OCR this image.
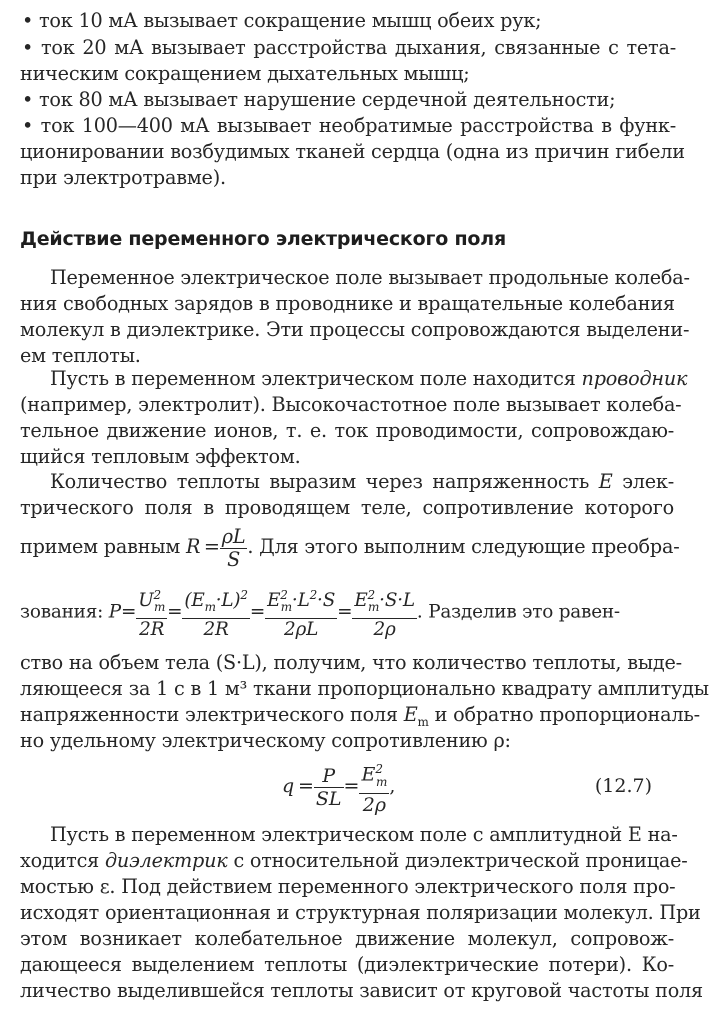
• ток 10 мА вызывает сокращение мышц обеих рук;
• ток 20 мА вызывает расстройства дыхания, связанные с тета-
ническим сокращением дыхательных мышц;
• ток 80 мА вызывает нарушение сердечной деятельности;
• ток 100—400 мА вызывает необратимые расстройства в функ-
ционировании возбудимых тканей сердца (одна из причин гибели
при электротравме).
Действие переменного электрического поля
Переменное электрическое поле вызывает продольные колеба-
ния свободных зарядов в проводнике и вращательные колебания
молекул в диэлектрике. Эти процессы сопровождаются выделени-
ем теплоты.
Пусть в переменном электрическом поле находится проводник
(например, электролит). Высокочастотное поле вызывает колеба-
тельное движение ионов, т. е. ток проводимости, сопровождаю-
щийся тепловым эффектом.
Количество теплоты выразим через напряженность E элек-
трического поля в проводящем теле, сопротивление которого
примем равным $R = \frac{\rho L}{S}$ . Для этого выполним следующие преобра-
зования: $P= \frac{U^2_m}{2R} = \frac{(E_m\cdot L)^2}{2R} = \frac{E^2_m\cdot L^2\cdot S}{2\rho L} = \frac{E^2_m\cdot S\cdot L}{2\rho}$ . Разделив это равен-
ство на объем тела (S·L), получим, что количество теплоты, выде-
ляющееся за 1 с в 1 м³ ткани пропорционально квадрату амплитуды
напряженности электрического поля $E_m$ и обратно пропорциональ-
но удельному электрическому сопротивлению ρ:
$q = \frac{P}{SL} = \frac{E^2_m}{2\rho}$ ,	(12.7)
Пусть в переменном электрическом поле с амплитудной E на-
ходится диэлектрик с относительной диэлектрической проницае-
мостью ε. Под действием переменного электрического поля про-
исходят ориентационная и структурная поляризации молекул. При
этом возникает колебательное движение молекул, сопровож-
дающееся выделением теплоты (диэлектрические потери). Ко-
личество выделившейся теплоты зависит от круговой частоты поля
